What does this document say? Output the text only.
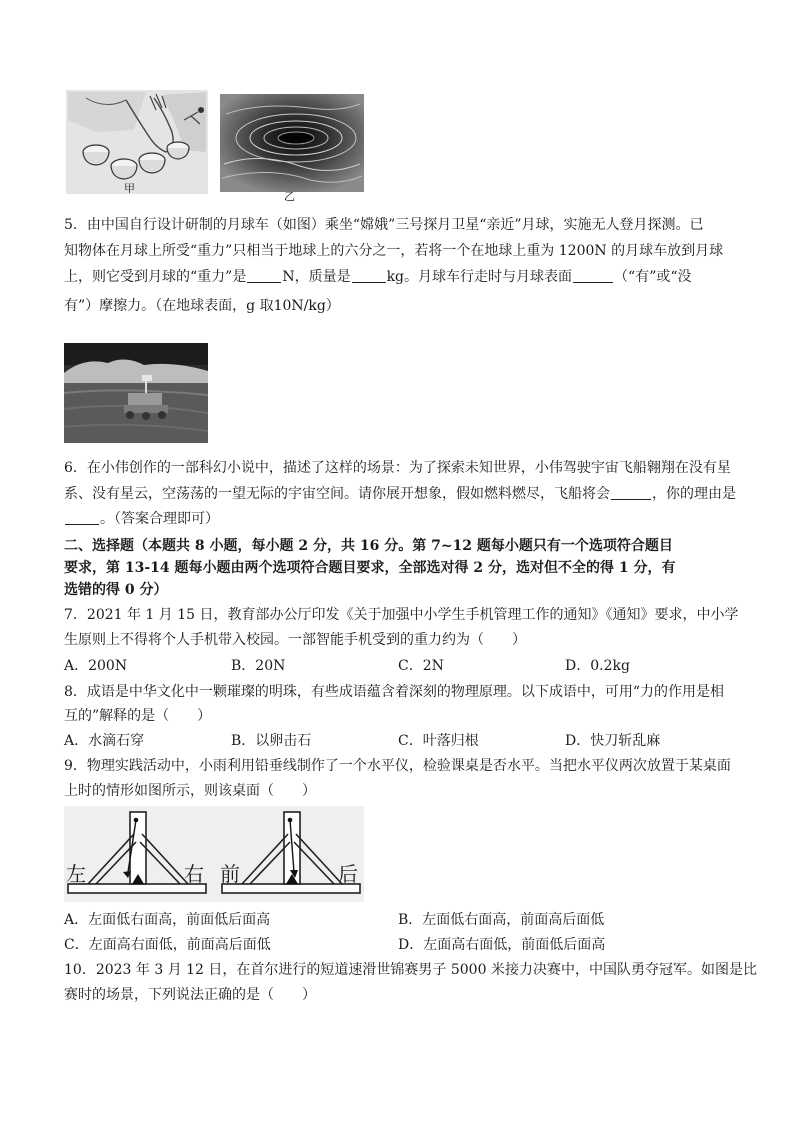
甲
乙
5．由中国自行设计研制的月球车（如图）乘坐“嫦娥”三号探月卫星“亲近”月球，实施无人登月探测。已
知物体在月球上所受“重力”只相当于地球上的六分之一，若将一个在地球上重为 1200N 的月球车放到月球
上，则它受到月球的“重力”是	N，质量是	kg。月球车行走时与月球表面	（“有”或“没
有”）摩擦力。（在地球表面，g 取10N/kg）
6．在小伟创作的一部科幻小说中，描述了这样的场景：为了探索未知世界，小伟驾驶宇宙飞船翱翔在没有星
系、没有星云，空荡荡的一望无际的宇宙空间。请你展开想象，假如燃料燃尽，飞船将会	，你的理由是
。（答案合理即可）
二、选择题（本题共 8 小题，每小题 2 分，共 16 分。第 7~12 题每小题只有一个选项符合题目
要求，第 13-14 题每小题由两个选项符合题目要求，全部选对得 2 分，选对但不全的得 1 分，有
选错的得 0 分）
7．2021 年 1 月 15 日，教育部办公厅印发《关于加强中小学生手机管理工作的通知》《通知》要求，中小学
生原则上不得将个人手机带入校园。一部智能手机受到的重力约为（　　）
A．200N	B．20N	C．2N	D．0.2kg
8．成语是中华文化中一颗璀璨的明珠，有些成语蕴含着深刻的物理原理。以下成语中，可用“力的作用是相
互的”解释的是（　　）
A．水滴石穿	B．以卵击石	C．叶落归根	D．快刀斩乱麻
9．物理实践活动中，小雨利用铅垂线制作了一个水平仪，检验课桌是否水平。当把水平仪两次放置于某桌面
上时的情形如图所示，则该桌面（　　）
左	右 前	后
A．左面低右面高，前面低后面高	B．左面低右面高，前面高后面低
C．左面高右面低，前面高后面低	D．左面高右面低，前面低后面高
10．2023 年 3 月 12 日，在首尔进行的短道速滑世锦赛男子 5000 米接力决赛中，中国队勇夺冠军。如图是比
赛时的场景，下列说法正确的是（　　）
